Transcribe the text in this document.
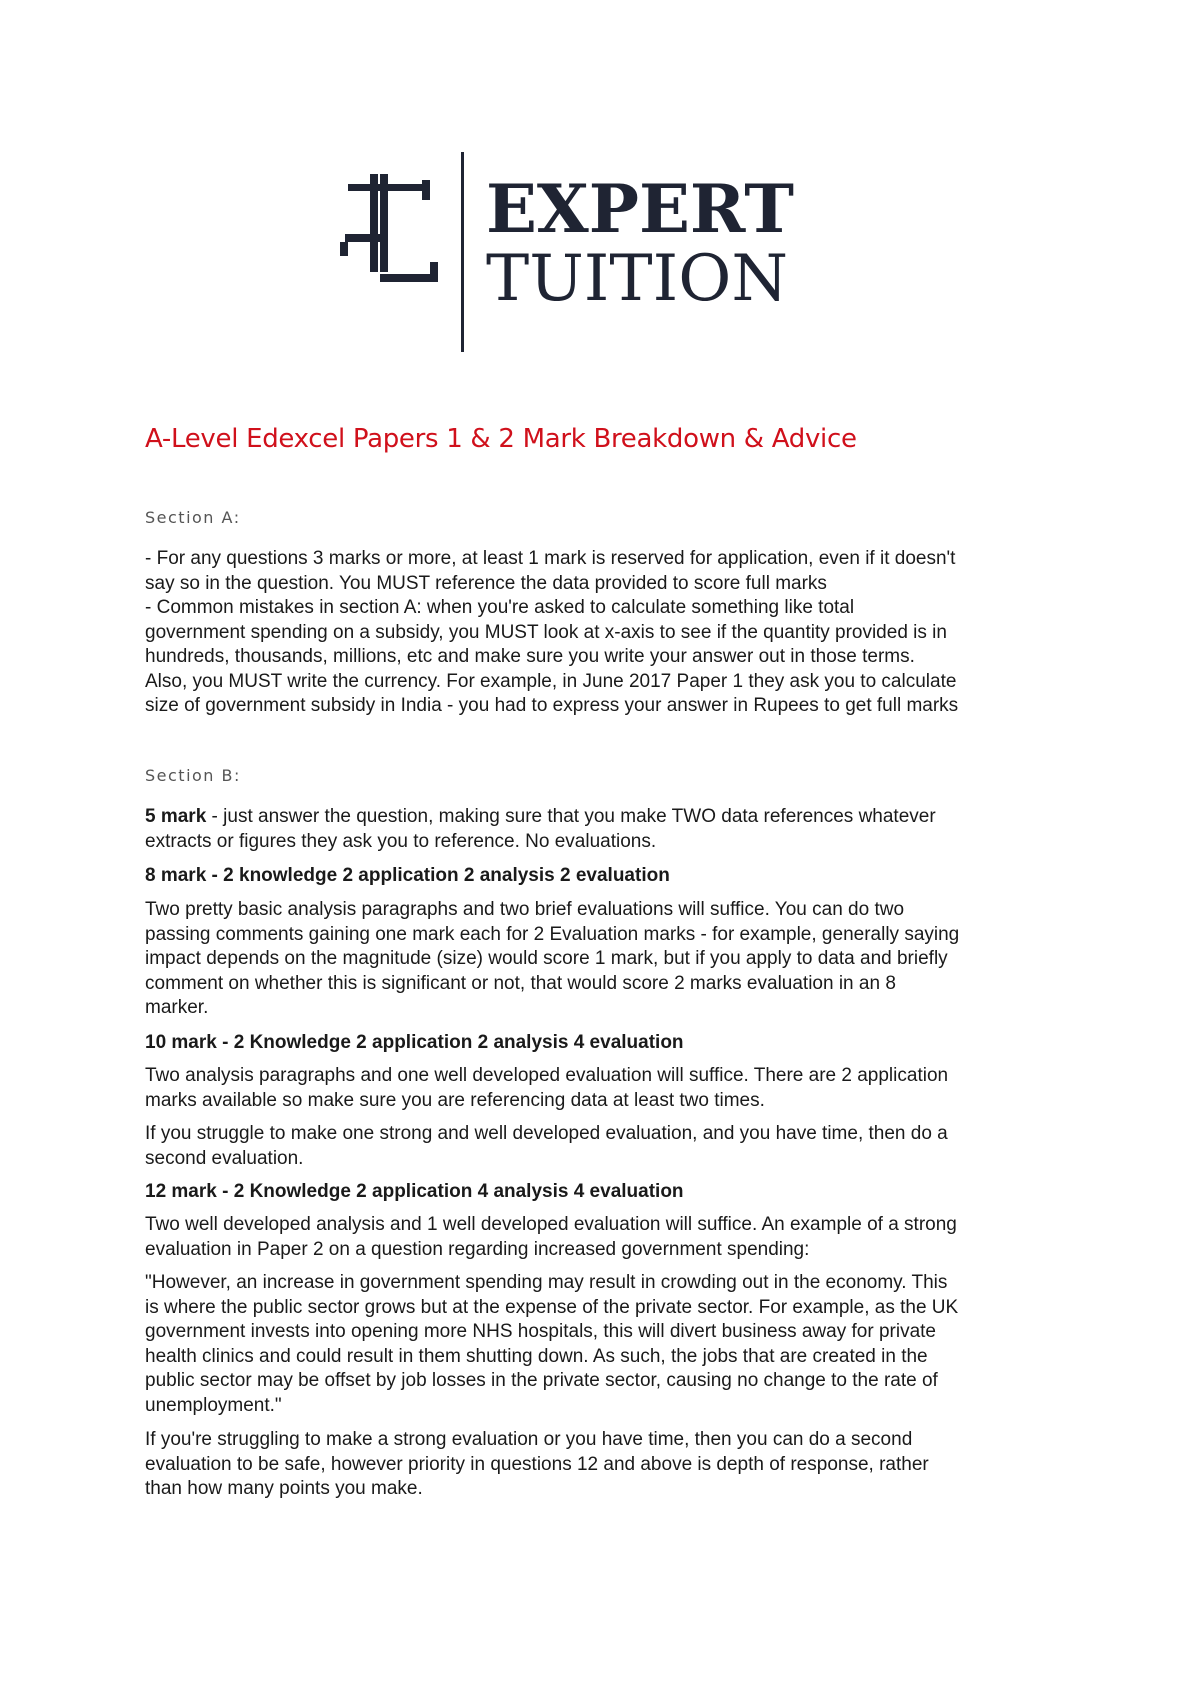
EXPERT
TUITION
A-Level Edexcel Papers 1 & 2 Mark Breakdown & Advice
Section A:
- For any questions 3 marks or more, at least 1 mark is reserved for application, even if it doesn't
say so in the question. You MUST reference the data provided to score full marks
- Common mistakes in section A: when you're asked to calculate something like total
government spending on a subsidy, you MUST look at x-axis to see if the quantity provided is in
hundreds, thousands, millions, etc and make sure you write your answer out in those terms.
Also, you MUST write the currency. For example, in June 2017 Paper 1 they ask you to calculate
size of government subsidy in India - you had to express your answer in Rupees to get full marks
Section B:
5 mark - just answer the question, making sure that you make TWO data references whatever
extracts or figures they ask you to reference. No evaluations.
8 mark - 2 knowledge 2 application 2 analysis 2 evaluation
Two pretty basic analysis paragraphs and two brief evaluations will suffice. You can do two
passing comments gaining one mark each for 2 Evaluation marks - for example, generally saying
impact depends on the magnitude (size) would score 1 mark, but if you apply to data and briefly
comment on whether this is significant or not, that would score 2 marks evaluation in an 8
marker.
10 mark - 2 Knowledge 2 application 2 analysis 4 evaluation
Two analysis paragraphs and one well developed evaluation will suffice. There are 2 application
marks available so make sure you are referencing data at least two times.
If you struggle to make one strong and well developed evaluation, and you have time, then do a
second evaluation.
12 mark - 2 Knowledge 2 application 4 analysis 4 evaluation
Two well developed analysis and 1 well developed evaluation will suffice. An example of a strong
evaluation in Paper 2 on a question regarding increased government spending:
"However, an increase in government spending may result in crowding out in the economy. This
is where the public sector grows but at the expense of the private sector. For example, as the UK
government invests into opening more NHS hospitals, this will divert business away for private
health clinics and could result in them shutting down. As such, the jobs that are created in the
public sector may be offset by job losses in the private sector, causing no change to the rate of
unemployment."
If you're struggling to make a strong evaluation or you have time, then you can do a second
evaluation to be safe, however priority in questions 12 and above is depth of response, rather
than how many points you make.
